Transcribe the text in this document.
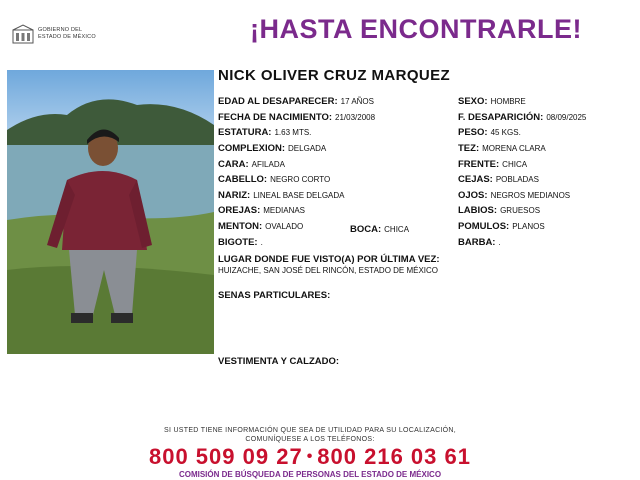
GOBIERNO DEL
ESTADO DE MÉXICO	¡HASTA ENCONTRARLE!
NICK OLIVER CRUZ MARQUEZ
EDAD AL DESAPARECER: 17 AÑOS
FECHA DE NACIMIENTO: 21/03/2008
ESTATURA: 1.63 MTS.
COMPLEXION: DELGADA
CARA: AFILADA
CABELLO: NEGRO CORTO
NARIZ: LINEAL BASE DELGADA
OREJAS: MEDIANAS
MENTON: OVALADO	BOCA: CHICA
BIGOTE: .
SEXO: HOMBRE
F. DESAPARICIÓN: 08/09/2025
PESO: 45 KGS.
TEZ: MORENA CLARA
FRENTE: CHICA
CEJAS: POBLADAS
OJOS: NEGROS MEDIANOS
LABIOS: GRUESOS
POMULOS: PLANOS
BARBA: .
LUGAR DONDE FUE VISTO(A) POR ÚLTIMA VEZ:
HUIZACHE, SAN JOSÉ DEL RINCÓN, ESTADO DE MÉXICO
SENAS PARTICULARES:
VESTIMENTA Y CALZADO:
SI USTED TIENE INFORMACIÓN QUE SEA DE UTILIDAD PARA SU LOCALIZACIÓN,
COMUNÍQUESE A LOS TELÉFONOS:
800 509 09 27 • 800 216 03 61
COMISIÓN DE BÚSQUEDA DE PERSONAS DEL ESTADO DE MÉXICO
